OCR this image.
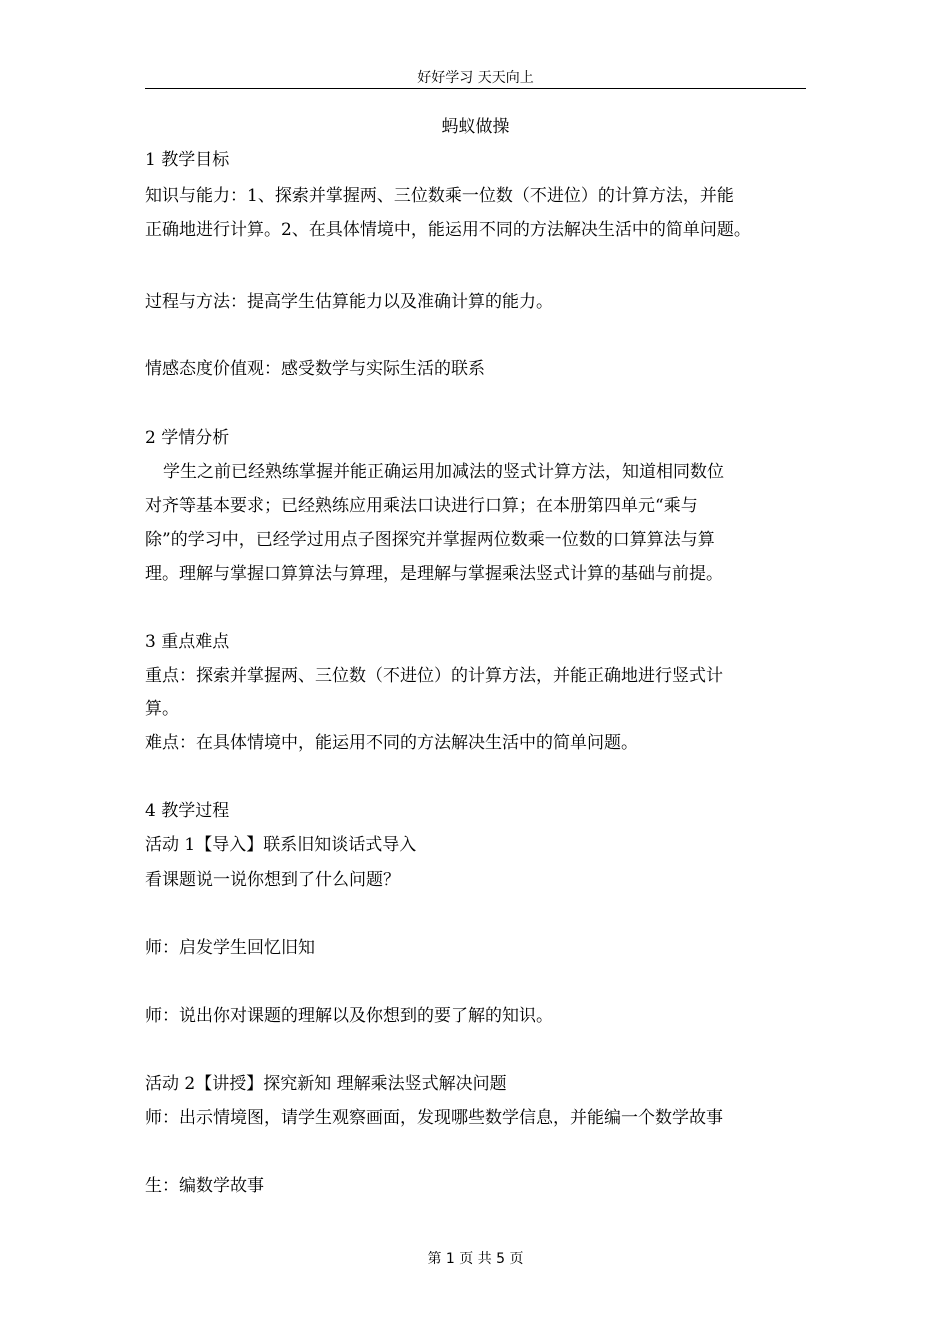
好好学习 天天向上
蚂蚁做操
1 教学目标
知识与能力：1、探索并掌握两、三位数乘一位数（不进位）的计算方法，并能
正确地进行计算。2、在具体情境中，能运用不同的方法解决生活中的简单问题。
过程与方法：提高学生估算能力以及准确计算的能力。
情感态度价值观：感受数学与实际生活的联系
2 学情分析
学生之前已经熟练掌握并能正确运用加减法的竖式计算方法，知道相同数位
对齐等基本要求；已经熟练应用乘法口诀进行口算；在本册第四单元“乘与
除”的学习中，已经学过用点子图探究并掌握两位数乘一位数的口算算法与算
理。理解与掌握口算算法与算理，是理解与掌握乘法竖式计算的基础与前提。
3 重点难点
重点：探索并掌握两、三位数（不进位）的计算方法，并能正确地进行竖式计
算。
难点：在具体情境中，能运用不同的方法解决生活中的简单问题。
4 教学过程
活动 1【导入】联系旧知谈话式导入
看课题说一说你想到了什么问题？
师：启发学生回忆旧知
师：说出你对课题的理解以及你想到的要了解的知识。
活动 2【讲授】探究新知 理解乘法竖式解决问题
师：出示情境图，请学生观察画面，发现哪些数学信息，并能编一个数学故事
生：编数学故事
第 1 页 共 5 页
